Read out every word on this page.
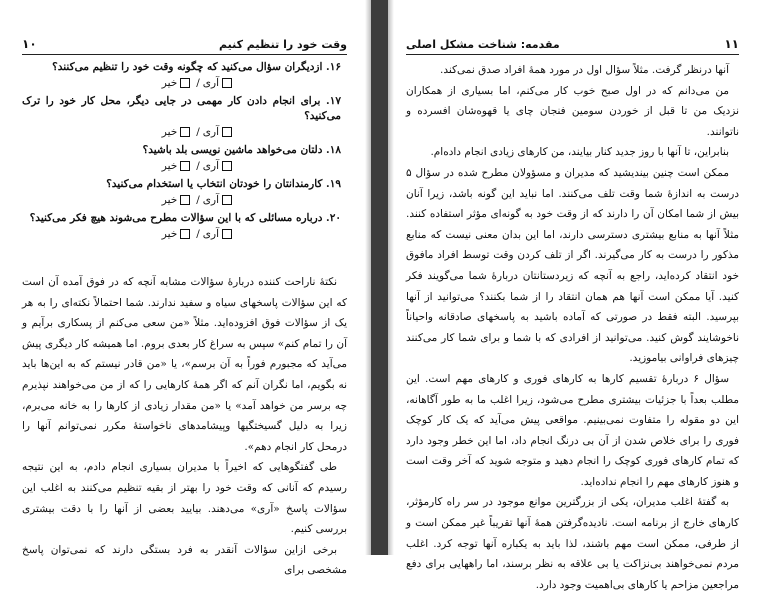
وقت خود را تنظیم کنیم
۱۰

۱۶. ازدیگران سؤال می‌کنید که چگونه وقت خود را تنظیم می‌کنند؟

آری/خیر

۱۷. برای انجام دادن کار مهمی در جایی دیگر، محل کار خود را ترک می‌کنید؟

آری/خیر

۱۸. دلتان می‌خواهد ماشین نویسی بلد باشید؟

آری/خیر

۱۹. کارمندانتان را خودتان انتخاب یا استخدام می‌کنید؟

آری/خیر

۲۰. درباره مسائلی که با این سؤالات مطرح می‌شوند هیچ فکر می‌کنید؟

آری/خیر

نکتهٔ ناراحت کننده دربارهٔ سؤالات مشابه آنچه که در فوق آمده آن است که این سؤالات پاسخهای سیاه و سفید ندارند. شما احتمالاً نکته‌ای را به هر یک از سؤالات فوق افزوده‌اید. مثلاً «من سعی می‌کنم از پسکاری برآیم و آن را تمام کنم» سپس به سراغ کار بعدی بروم. اما همیشه کار دیگری پیش می‌آید که مجبورم فوراً به آن برسم»، یا «من قادر نیستم که به این‌ها باید نه بگویم، اما نگران آنم که اگر همهٔ کارهایی را که از من می‌خواهند نپذیرم چه برسر من خواهد آمد» یا «من مقدار زیادی از کارها را به خانه می‌برم، زیرا به دلیل گسیختگیها وپیشامدهای ناخواستهٔ مکرر نمی‌توانم آنها را درمحل کار انجام دهم».

طی گفتگوهایی که اخیراً با مدیران بسیاری انجام دادم، به این نتیجه رسیدم که آنانی که وقت خود را بهتر از بقیه تنظیم می‌کنند به اغلب این سؤالات پاسخ «آری» می‌دهند. بیایید بعضی از آنها را با دقت بیشتری بررسی کنیم.

برخی ازاین سؤالات آنقدر به فرد بستگی دارند که نمی‌توان پاسخ مشخصی برای

۱۱
مقدمه: شناخت مشکل اصلی

آنها درنظر گرفت. مثلاً سؤال اول در مورد همهٔ افراد صدق نمی‌کند.

من می‌دانم که در اول صبح خوب کار می‌کنم، اما بسیاری از همکاران نزدیک من تا قبل از خوردن سومین فنجان چای یا قهوه‌شان افسرده و ناتوانند.

بنابراین، تا آنها با روز جدید کنار بیایند، من کارهای زیادی انجام داده‌ام.

ممکن است چنین بیندیشید که مدیران و مسؤولان مطرح شده در سؤال ۵ درست به اندازهٔ شما وقت تلف می‌کنند. اما نباید این گونه باشد، زیرا آنان بیش از شما امکان آن را دارند که از وقت خود به گونه‌ای مؤثر استفاده کنند. مثلاً آنها به منابع بیشتری دسترسی دارند، اما این بدان معنی نیست که منابع مذکور را درست به کار می‌گیرند. اگر از تلف کردن وقت توسط افراد مافوق خود انتقاد کرده‌اید، راجع به آنچه که زیردستانتان دربارهٔ شما می‌گویند فکر کنید. آیا ممکن است آنها هم همان انتقاد را از شما بکنند؟ می‌توانید از آنها بپرسید. البته فقط در صورتی که آماده باشید به پاسخهای صادقانه واحیاناً ناخوشایند گوش کنید. می‌توانید از افرادی که با شما و برای شما کار می‌کنند چیزهای فراوانی بیاموزید.

سؤال ۶ دربارهٔ تقسیم کارها به کارهای فوری و کارهای مهم است. این مطلب بعداً با جزئیات بیشتری مطرح می‌شود، زیرا اغلب ما به طور آگاهانه، این دو مقوله را متفاوت نمی‌بینیم. مواقعی پیش می‌آید که یک کار کوچک فوری را برای خلاص شدن از آن بی درنگ انجام داد، اما این خطر وجود دارد که تمام کارهای فوری کوچک را انجام دهید و متوجه شوید که آخر وقت است و هنوز کارهای مهم را انجام نداده‌اید.

به گفتهٔ اغلب مدیران، یکی از بزرگترین موانع موجود در سر راه کارمؤثر، کارهای خارج از برنامه است. نادیده‌گرفتن همهٔ آنها تقریباً غیر ممکن است و از طرفی، ممکن است مهم باشند، لذا باید به یکباره آنها توجه کرد. اغلب مردم نمی‌خواهند بی‌نزاکت یا بی علاقه به نظر برسند، اما راههایی برای دفع مراجعین مزاحم یا کارهای بی‌اهمیت وجود دارد.
